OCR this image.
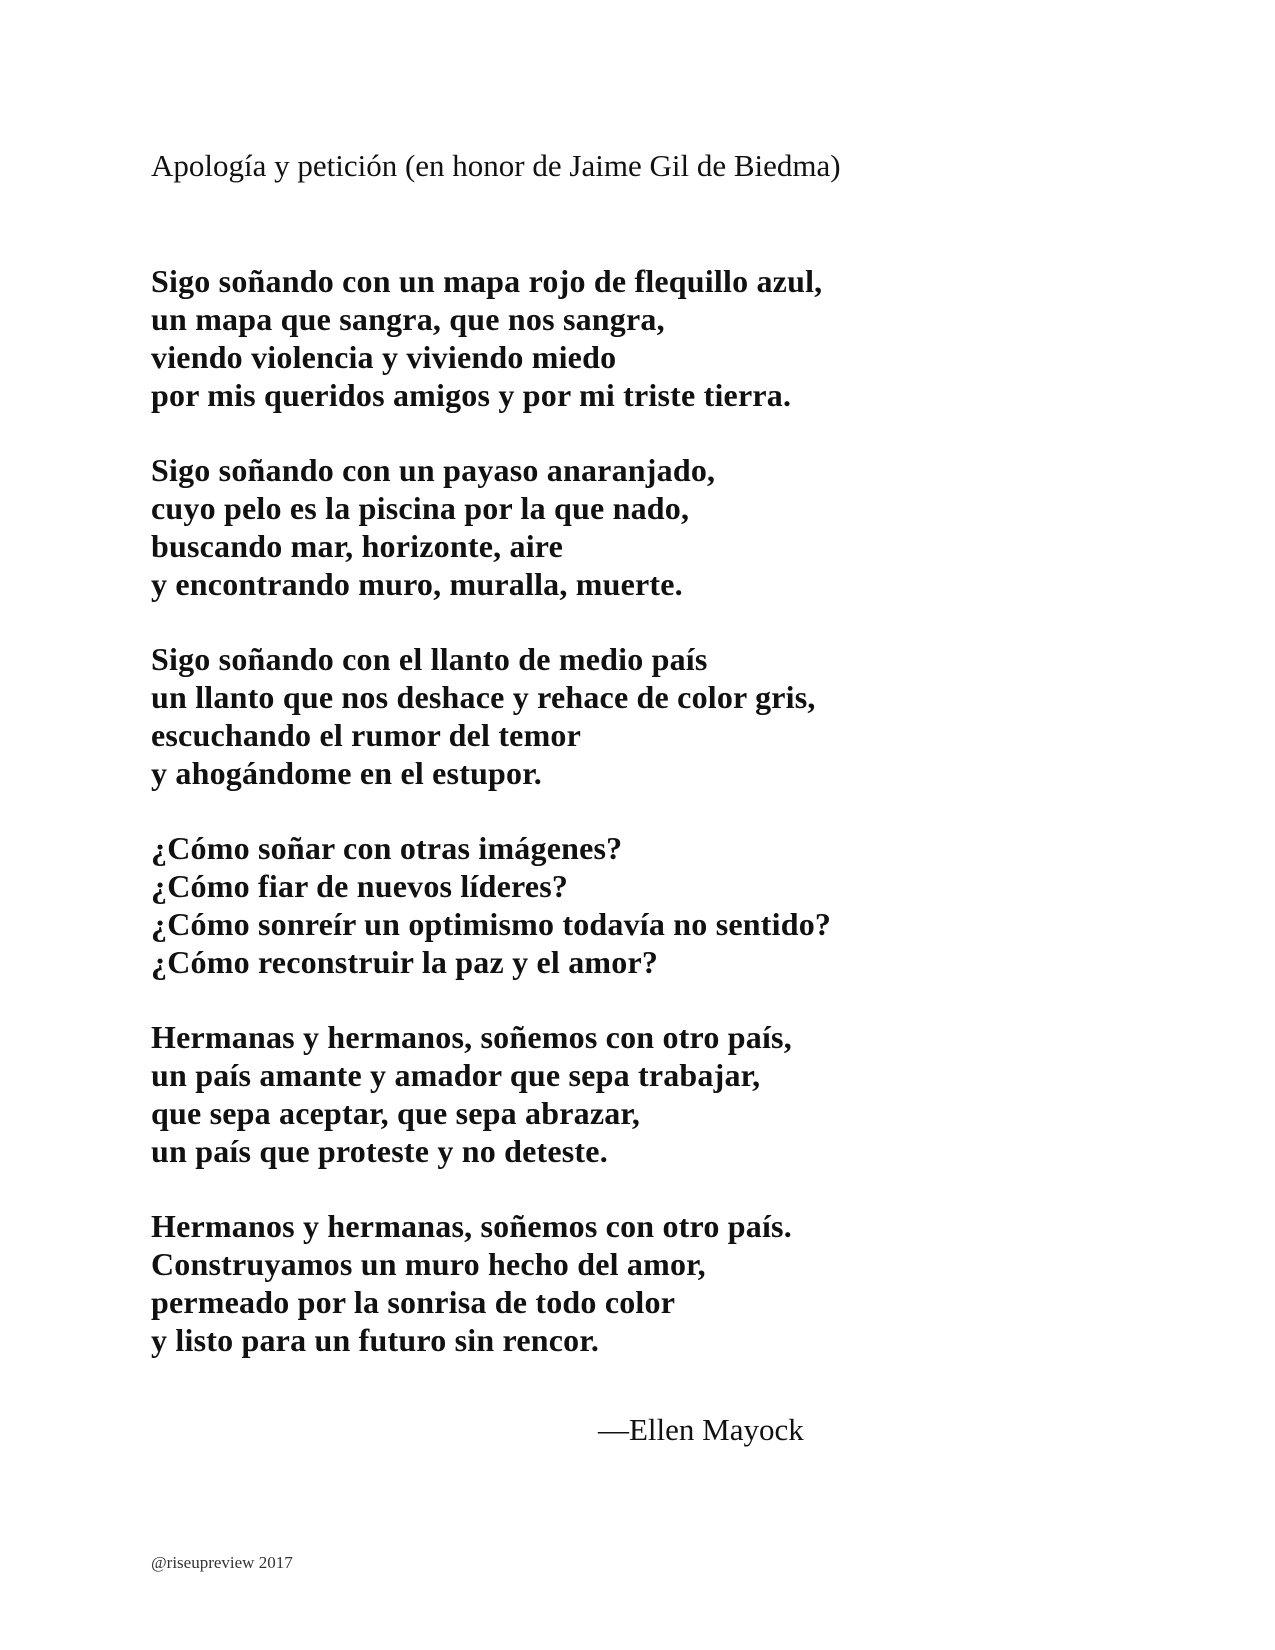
Apología y petición (en honor de Jaime Gil de Biedma)
Sigo soñando con un mapa rojo de flequillo azul,
un mapa que sangra, que nos sangra,
viendo violencia y viviendo miedo
por mis queridos amigos y por mi triste tierra.
Sigo soñando con un payaso anaranjado,
cuyo pelo es la piscina por la que nado,
buscando mar, horizonte, aire
y encontrando muro, muralla, muerte.
Sigo soñando con el llanto de medio país
un llanto que nos deshace y rehace de color gris,
escuchando el rumor del temor
y ahogándome en el estupor.
¿Cómo soñar con otras imágenes?
¿Cómo fiar de nuevos líderes?
¿Cómo sonreír un optimismo todavía no sentido?
¿Cómo reconstruir la paz y el amor?
Hermanas y hermanos, soñemos con otro país,
un país amante y amador que sepa trabajar,
que sepa aceptar, que sepa abrazar,
un país que proteste y no deteste.
Hermanos y hermanas, soñemos con otro país.
Construyamos un muro hecho del amor,
permeado por la sonrisa de todo color
y listo para un futuro sin rencor.
—Ellen Mayock
@riseupreview 2017
